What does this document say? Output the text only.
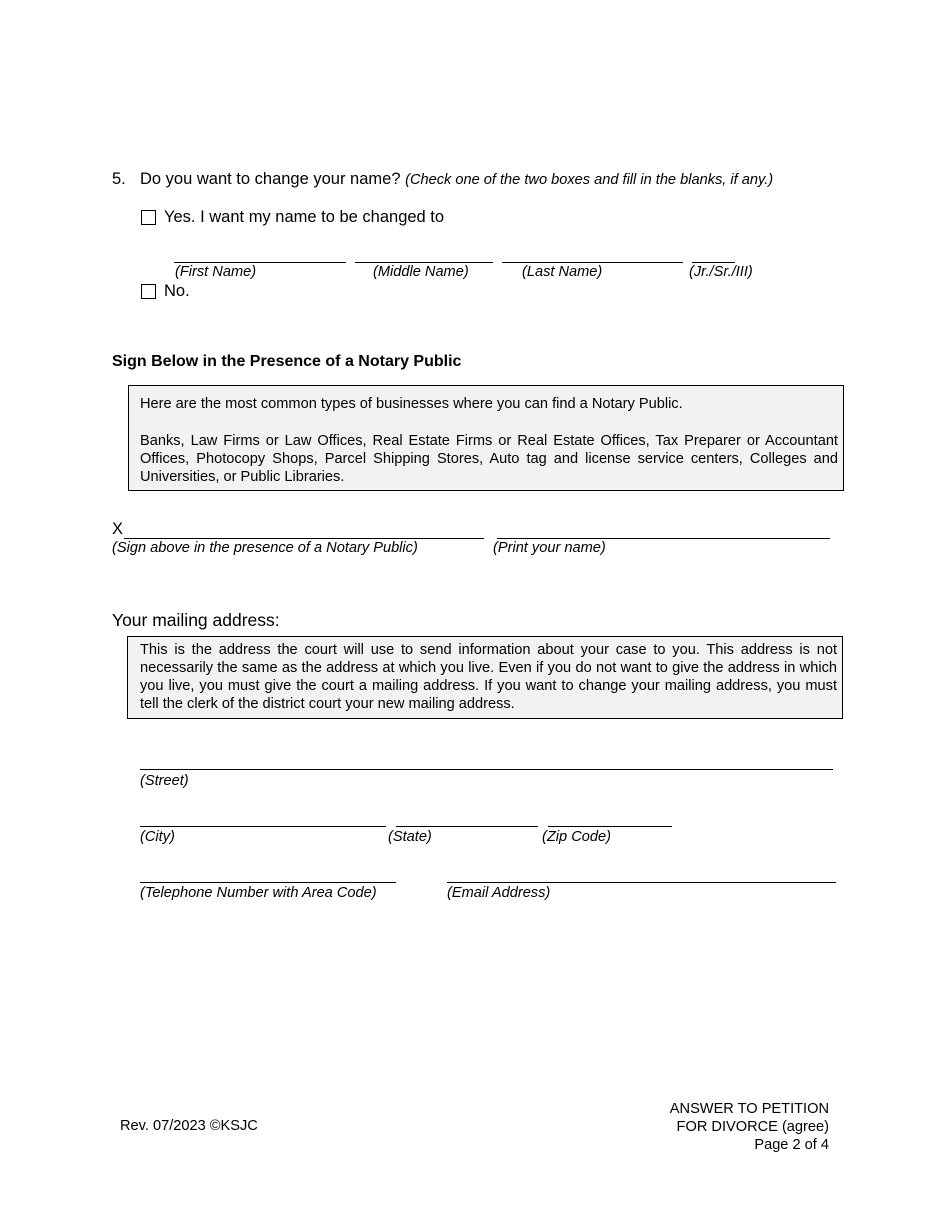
5. Do you want to change your name? (Check one of the two boxes and fill in the blanks, if any.)
Yes. I want my name to be changed to
(First Name)	(Middle Name)	(Last Name)	(Jr./Sr./III)
No.
Sign Below in the Presence of a Notary Public

Here are the most common types of businesses where you can find a Notary Public.

Banks, Law Firms or Law Offices, Real Estate Firms or Real Estate Offices, Tax Preparer or Accountant Offices, Photocopy Shops, Parcel Shipping Stores, Auto tag and license service centers, Colleges and Universities, or Public Libraries.

X
(Sign above in the presence of a Notary Public)	(Print your name)
Your mailing address:

This is the address the court will use to send information about your case to you. This address is not necessarily the same as the address at which you live. Even if you do not want to give the address in which you live, you must give the court a mailing address. If you want to change your mailing address, you must tell the clerk of the district court your new mailing address.

(Street)
(City)	(State)	(Zip Code)
(Telephone Number with Area Code)	(Email Address)
Rev. 07/2023 ©KSJC
ANSWER TO PETITION
FOR DIVORCE (agree)
Page 2 of 4
